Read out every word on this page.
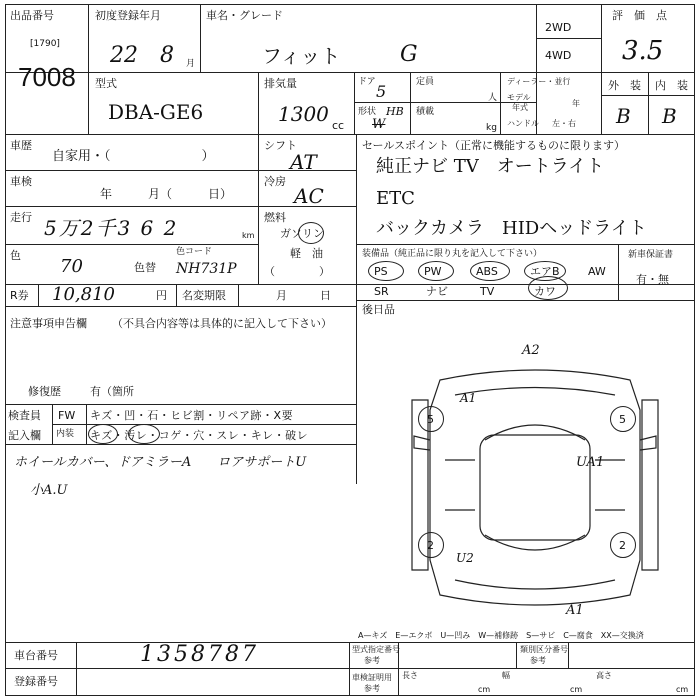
出品番号
[1790]
7008
初度登録年月
22 8 月
車名・グレード
フィット	G
2WD
4WD
評　価　点
3.5
型式
DBA-GE6
排気量
1300 cc
ドア 5
形状 HB
W
定員
人
積載
kg
ディーラー・並行
モデル
年式	年
ハンドル 左・右
外　装 内　装
B B
車歴
自家用・（　　　　　　　）
車検
年　　　月（　　　日）
走行 5万2千3 6 2	km
色
70	色替
色コード
NH731P
シフト
AT
冷房
AC
燃料
ガソリン
軽　油
（　　　　）
セールスポイント（正常に機能するものに限ります）
純正ナビ TV　オートライト
ETC
バックカメラ　HIDヘッドライト
装備品（純正品に限り丸を記入して下さい）
PS	PW	ABS	エアB	AW
SR	ナビ	TV	カワ
新車保証書
有・無
後日品
R券 10,810	円 名変期限	月　　　日
注意事項申告欄 （不具合内容等は具体的に記入して下さい）
修復歴	有（箇所
検査員
記入欄
FW キズ・凹・石・ヒビ割・リペア跡・X要
内装 キズ・汚レ・コゲ・穴・スレ・キレ・破レ
ホイールカバー、ドアミラーA　　ロアサポートU
小A.U
5	5
2	2
A2
A1
UA1
U2
A1
A—キズ　E—エクボ　U—凹み　W—補修跡　S—サビ　C—腐食　XX—交換済
車台番号	1358787
登録番号
型式指定番号
参考
類別区分番号
参考
車検証明用
参考
長さ	幅	高さ
cm	cm	cm
